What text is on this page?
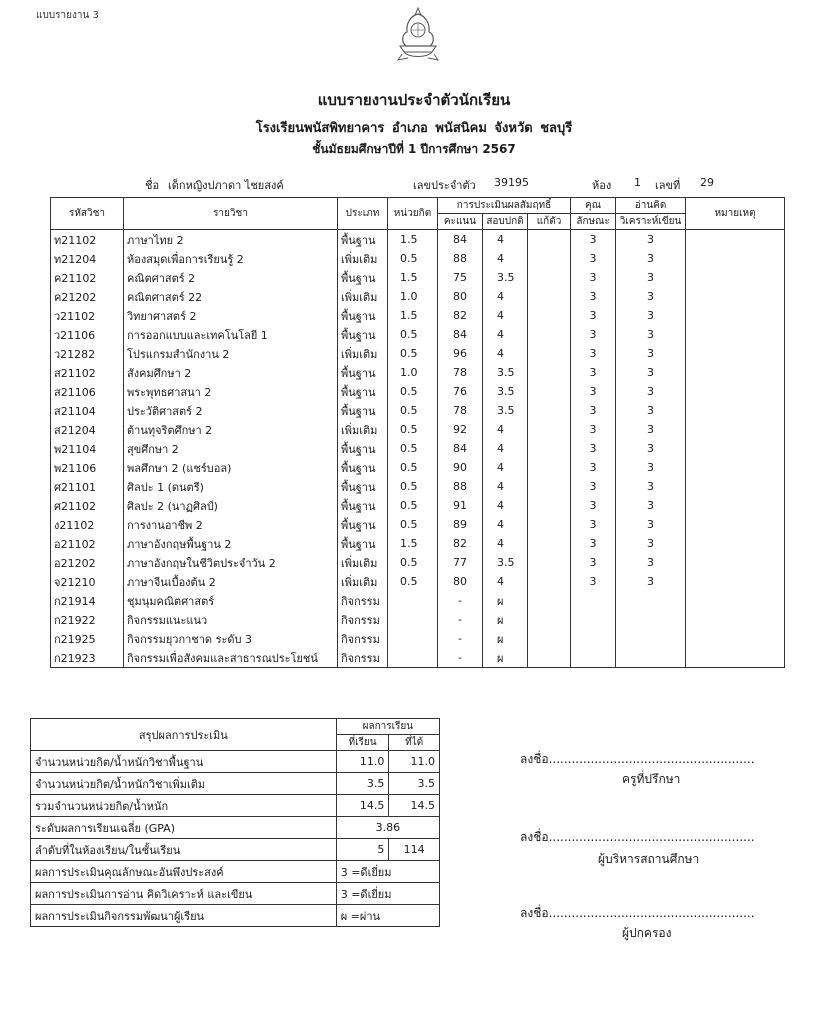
แบบรายงาน 3
แบบรายงานประจำตัวนักเรียน
โรงเรียนพนัสพิทยาคาร อำเภอ พนัสนิคม จังหวัด ชลบุรี
ชั้นมัธยมศึกษาปีที่ 1 ปีการศึกษา 2567
ชื่อ เด็กหญิงปภาดา ไชยสงค์	เลขประจำตัว 39195	ห้อง 1 เลขที่ 29
รหัสวิชา	รายวิชา	ประเภท	หน่วยกิต	การประเมินผลสัมฤทธิ์			คุณ	อ่านคิด	หมายเหตุ
				คะแนน	สอบปกติ	แก้ตัว	ลักษณะ	วิเคราะห์เขียน	
ท21102	ภาษาไทย 2	พื้นฐาน	1.5	84	4		3	3	
ท21204	ห้องสมุดเพื่อการเรียนรู้ 2	เพิ่มเติม	0.5	88	4		3	3	
ค21102	คณิตศาสตร์ 2	พื้นฐาน	1.5	75	3.5		3	3	
ค21202	คณิตศาสตร์ 22	เพิ่มเติม	1.0	80	4		3	3	
ว21102	วิทยาศาสตร์ 2	พื้นฐาน	1.5	82	4		3	3	
ว21106	การออกแบบและเทคโนโลยี 1	พื้นฐาน	0.5	84	4		3	3	
ว21282	โปรแกรมสำนักงาน 2	เพิ่มเติม	0.5	96	4		3	3	
ส21102	สังคมศึกษา 2	พื้นฐาน	1.0	78	3.5		3	3	
ส21106	พระพุทธศาสนา 2	พื้นฐาน	0.5	76	3.5		3	3	
ส21104	ประวัติศาสตร์ 2	พื้นฐาน	0.5	78	3.5		3	3	
ส21204	ต้านทุจริตศึกษา 2	เพิ่มเติม	0.5	92	4		3	3	
พ21104	สุขศึกษา 2	พื้นฐาน	0.5	84	4		3	3	
พ21106	พลศึกษา 2 (แชร์บอล)	พื้นฐาน	0.5	90	4		3	3	
ศ21101	ศิลปะ 1 (ดนตรี)	พื้นฐาน	0.5	88	4		3	3	
ศ21102	ศิลปะ 2 (นาฏศิลป์)	พื้นฐาน	0.5	91	4		3	3	
ง21102	การงานอาชีพ 2	พื้นฐาน	0.5	89	4		3	3	
อ21102	ภาษาอังกฤษพื้นฐาน 2	พื้นฐาน	1.5	82	4		3	3	
อ21202	ภาษาอังกฤษในชีวิตประจำวัน 2	เพิ่มเติม	0.5	77	3.5		3	3	
จ21210	ภาษาจีนเบื้องต้น 2	เพิ่มเติม	0.5	80	4		3	3	
ก21914	ชุมนุมคณิตศาสตร์	กิจกรรม		-	ผ				
ก21922	กิจกรรมแนะแนว	กิจกรรม		-	ผ				
ก21925	กิจกรรมยุวกาชาด ระดับ 3	กิจกรรม		-	ผ				
ก21923	กิจกรรมเพื่อสังคมและสาธารณประโยชน์	กิจกรรม		-	ผ				
สรุปผลการประเมิน	ผลการเรียน	
	ที่เรียน	ที่ได้
จำนวนหน่วยกิต/น้ำหนักวิชาพื้นฐาน	11.0	11.0
จำนวนหน่วยกิต/น้ำหนักวิชาเพิ่มเติม	3.5	3.5
รวมจำนวนหน่วยกิต/น้ำหนัก	14.5	14.5
ระดับผลการเรียนเฉลี่ย (GPA)	3.86	
ลำดับที่ในห้องเรียน/ในชั้นเรียน	5	114
ผลการประเมินคุณลักษณะอันพึงประสงค์	3 =ดีเยี่ยม	
ผลการประเมินการอ่าน คิดวิเคราะห์ และเขียน	3 =ดีเยี่ยม	
ผลการประเมินกิจกรรมพัฒนาผู้เรียน	ผ =ผ่าน	
ลงชื่อ......................................................
ครูที่ปรึกษา
ลงชื่อ......................................................
ผู้บริหารสถานศึกษา
ลงชื่อ......................................................
ผู้ปกครอง
